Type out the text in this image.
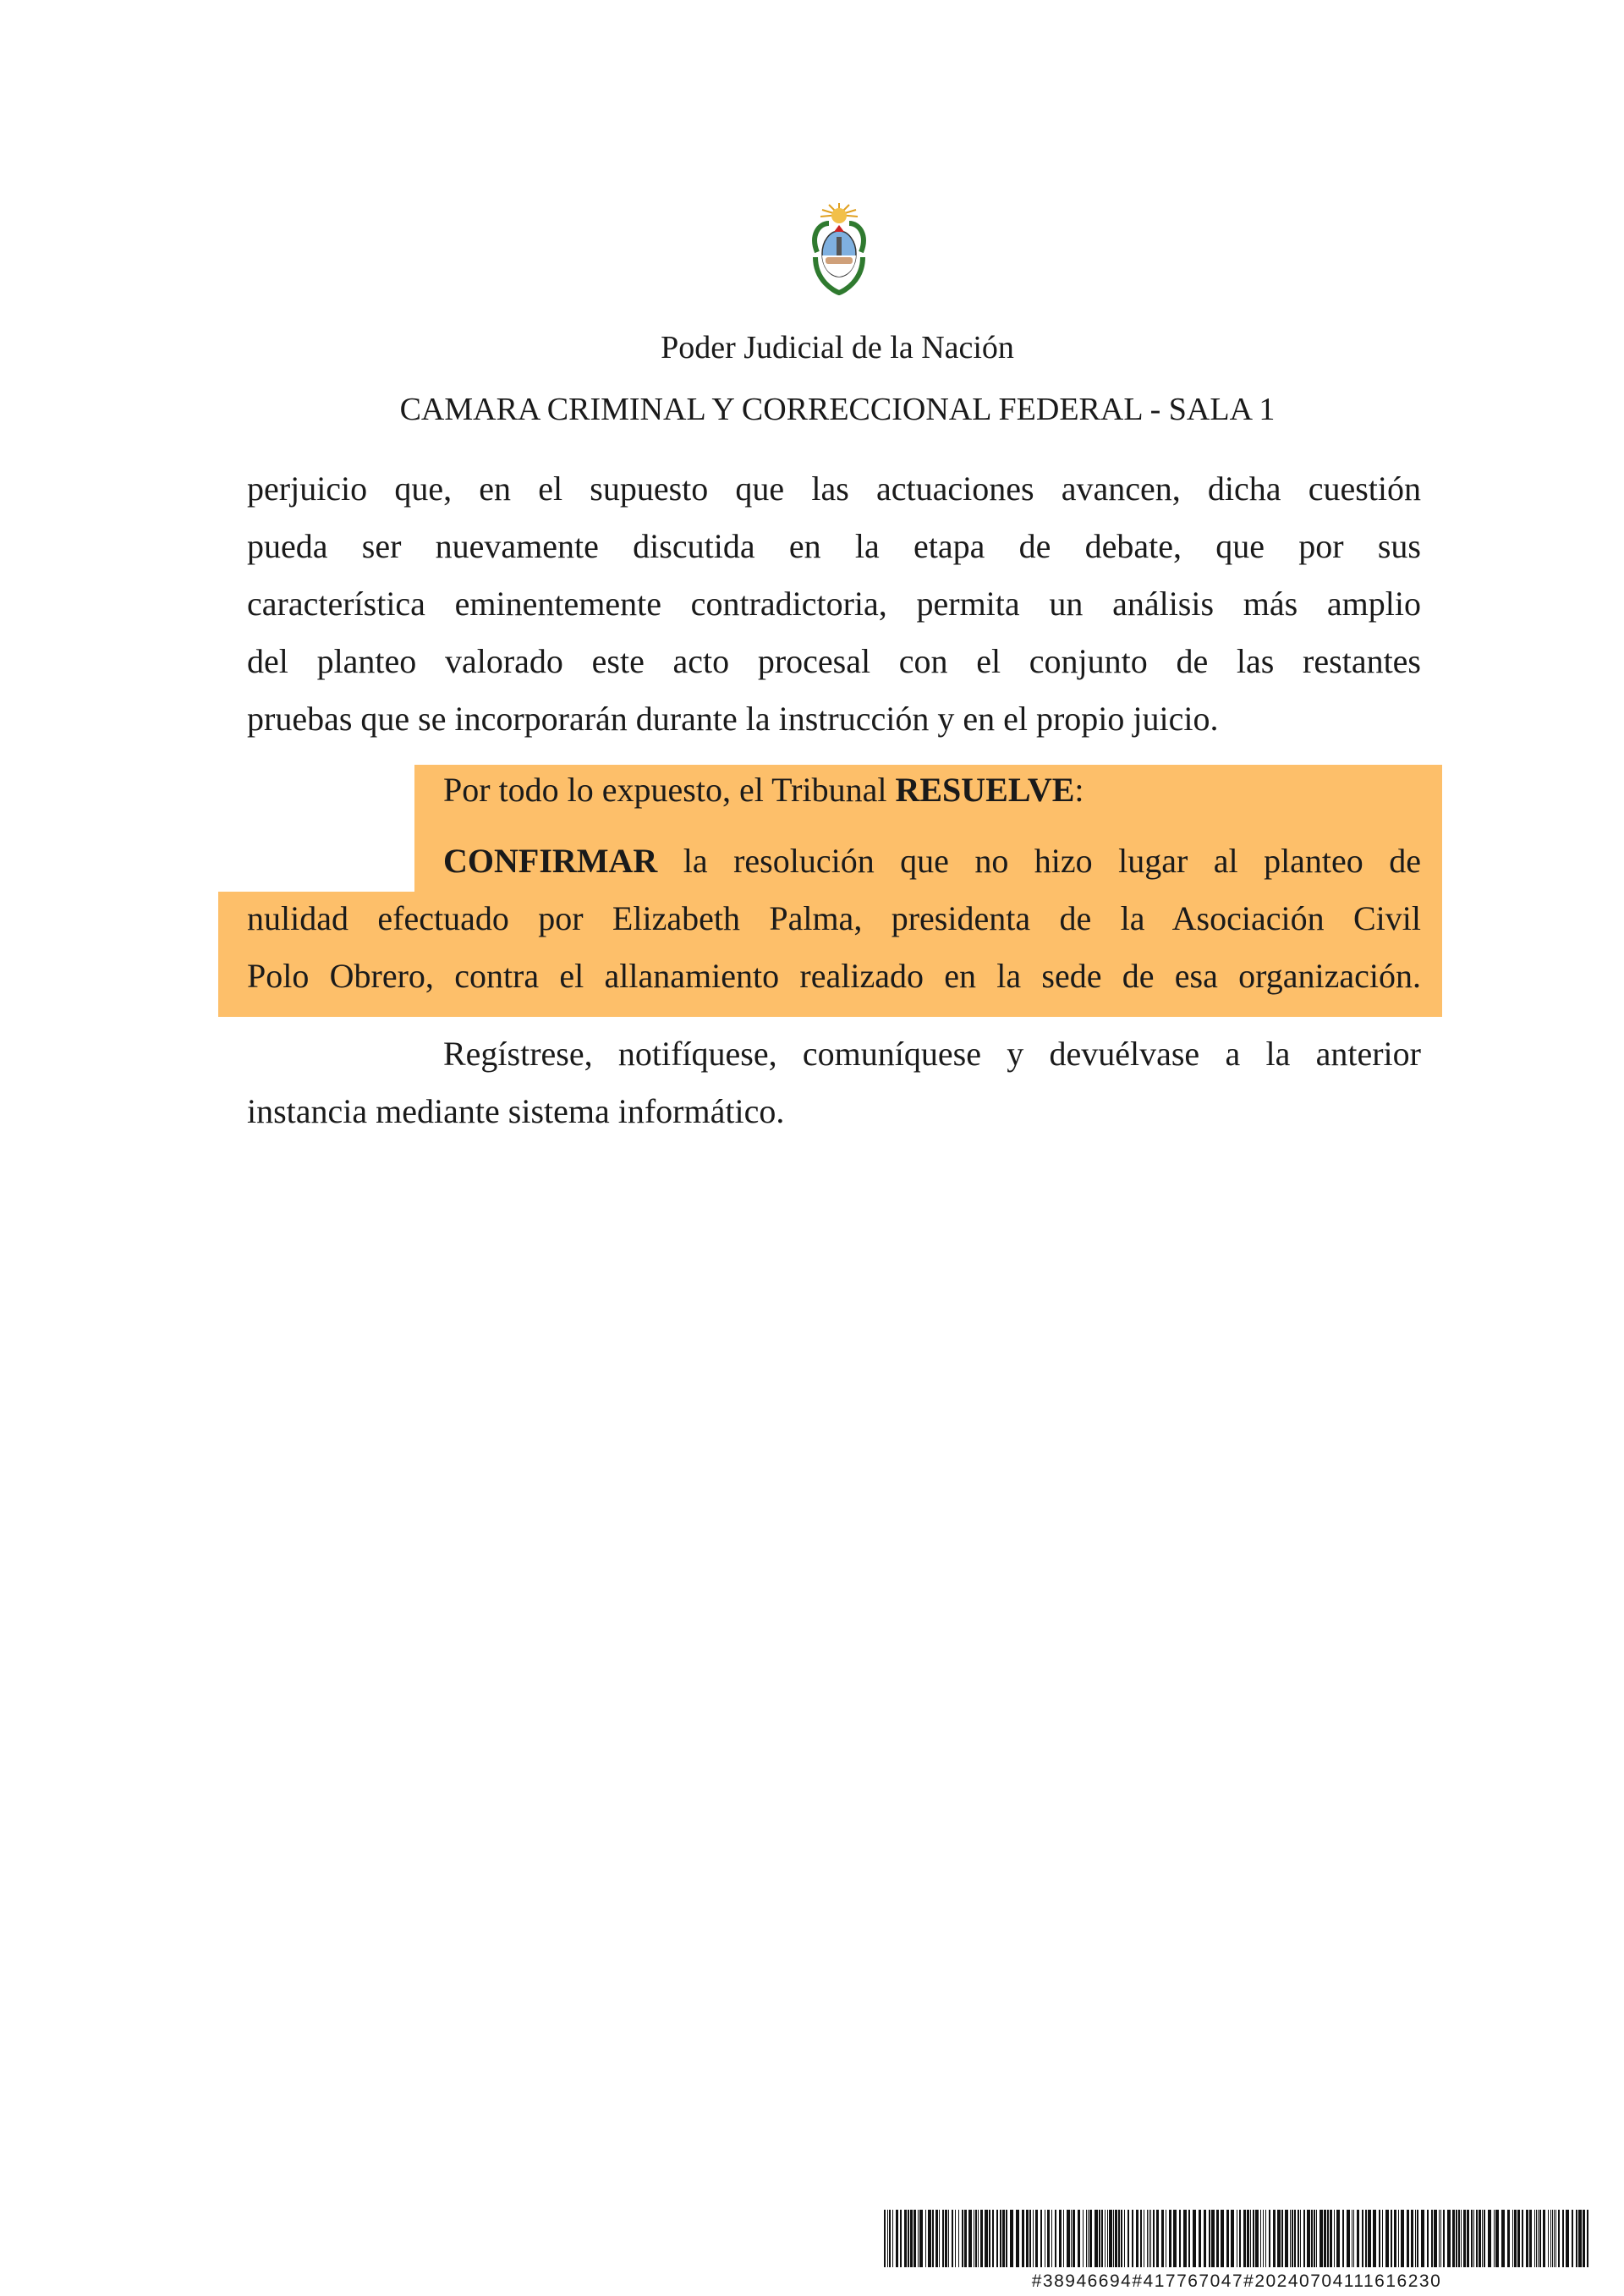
Poder Judicial de la Nación
CAMARA CRIMINAL Y CORRECCIONAL FEDERAL - SALA 1
perjuicio que, en el supuesto que las actuaciones avancen, dicha cuestión
pueda ser nuevamente discutida en la etapa de debate, que por sus
característica eminentemente contradictoria, permita un análisis más amplio
del planteo valorado este acto procesal con el conjunto de las restantes
pruebas que se incorporarán durante la instrucción y en el propio juicio.
Por todo lo expuesto, el Tribunal RESUELVE:
CONFIRMAR la resolución que no hizo lugar al planteo de
nulidad efectuado por Elizabeth Palma, presidenta de la Asociación Civil
Polo Obrero, contra el allanamiento realizado en la sede de esa organización.
Regístrese, notifíquese, comuníquese y devuélvase a la anterior
instancia mediante sistema informático.
#38946694#417767047#20240704111616230
